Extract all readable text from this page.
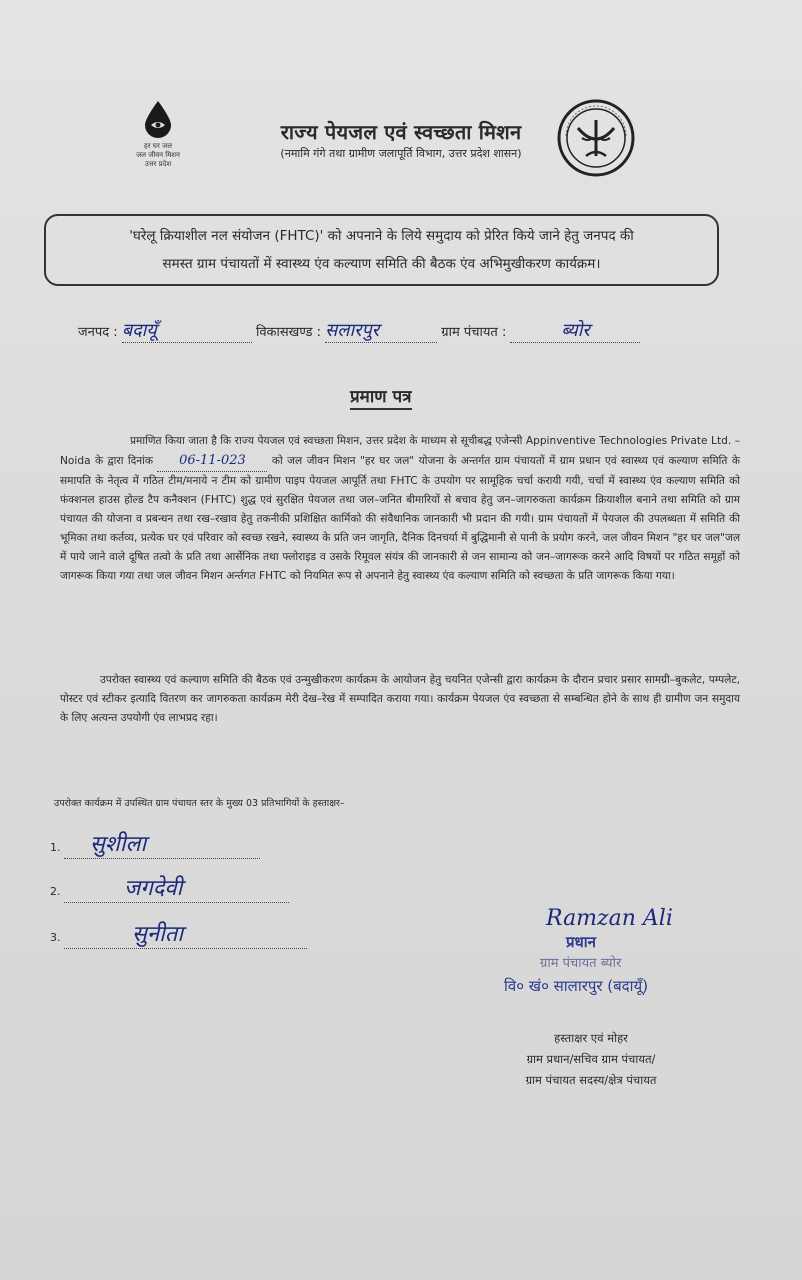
हर घर जल
जल जीवन मिशन
उत्तर प्रदेश
राज्य पेयजल एवं स्वच्छता मिशन
(नमामि गंगे तथा ग्रामीण जलापूर्ति विभाग, उत्तर प्रदेश शासन)
'घरेलू क्रियाशील नल संयोजन (FHTC)' को अपनाने के लिये समुदाय को प्रेरित किये जाने हेतु जनपद की
समस्त ग्राम पंचायतों में स्वास्थ्य एंव कल्याण समिति की बैठक एंव अभिमुखीकरण कार्यक्रम।
जनपद : बदायूँ	विकासखण्ड : सलारपुर	ग्राम पंचायत :	ब्योर
प्रमाण पत्र
प्रमाणित किया जाता है कि राज्य पेयजल एवं स्वच्छता मिशन, उत्तर प्रदेश के माध्यम से सूचीबद्ध एजेन्सी Appinventive Technologies Private Ltd. – Noida के द्वारा दिनांक 06-11-023 को जल जीवन मिशन "हर घर जल" योजना के अन्तर्गत ग्राम पंचायतों में ग्राम प्रधान एवं स्वास्थ्य एवं कल्याण समिति के समापति के नेतृत्व में गठित टीम/मनाये न टीम को ग्रामीण पाइप पेयजल आपूर्ति तथा FHTC के उपयोग पर सामूहिक चर्चा करायी गयी, चर्चा में स्वास्थ्य एंव कल्याण समिति को फंक्शनल हाउस होल्ड टैप कनैक्शन (FHTC) शुद्ध एवं सुरक्षित पेयजल तथा जल–जनित बीमारियों से बचाव हेतु जन–जागरुकता कार्यक्रम क्रियाशील बनाने तथा समिति को ग्राम पंचायत की योजना व प्रबन्धन तथा रख–रखाव हेतु तकनीकी प्रशिक्षित कार्मिको की संवैधानिक जानकारी भी प्रदान की गयी। ग्राम पंचायतों में पेयजल की उपलब्धता में समिति की भूमिका तथा कर्तव्य, प्रत्येक घर एवं परिवार को स्वच्छ रखने, स्वास्थ्य के प्रति जन जागृति, दैनिक दिनचर्या में बुद्धिमानी से पानी के प्रयोग करने, जल जीवन मिशन "हर घर जल"जल में पाये जाने वाले दूषित तत्वो के प्रति तथा आर्सेनिक तथा फ्लोराइड व उसके रिमूवल संयंत्र की जानकारी से जन सामान्य को जन–जागरूक करने आदि विषयों पर गठित समूहों को जागरूक किया गया तथा जल जीवन मिशन अर्न्तगत FHTC को नियमित रूप से अपनाने हेतु स्वास्थ्य एंव कल्याण समिति को स्वच्छता के प्रति जागरूक किया गया।
उपरोक्त स्वास्थ्य एवं कल्याण समिति की बैठक एवं उन्मुखीकरण कार्यक्रम के आयोजन हेतु चयनित एजेन्सी द्वारा कार्यक्रम के दौरान प्रचार प्रसार सामग्री–बुकलेट, पम्पलेट, पोस्टर एवं स्टीकर इत्यादि वितरण कर जागरुकता कार्यक्रम मेरी देख–रेख में सम्पादित कराया गया। कार्यक्रम पेयजल एंव स्वच्छता से सम्बन्धित होने के साथ ही ग्रामीण जन समुदाय के लिए अत्यन्त उपयोगी एंव लाभप्रद रहा।
उपरोक्त कार्यक्रम में उपस्थित ग्राम पंचायत स्तर के मुख्य 03 प्रतिभागियों के हस्ताक्षर–
1. सुशीला
2.	जगदेवी
3.	सुनीता
Ramzan Ali
प्रधान
ग्राम पंचायत ब्योर
वि० खं० सालारपुर (बदायूँ)
हस्ताक्षर एवं मोहर
ग्राम प्रधान/सचिव ग्राम पंचायत/
ग्राम पंचायत सदस्य/क्षेत्र पंचायत
